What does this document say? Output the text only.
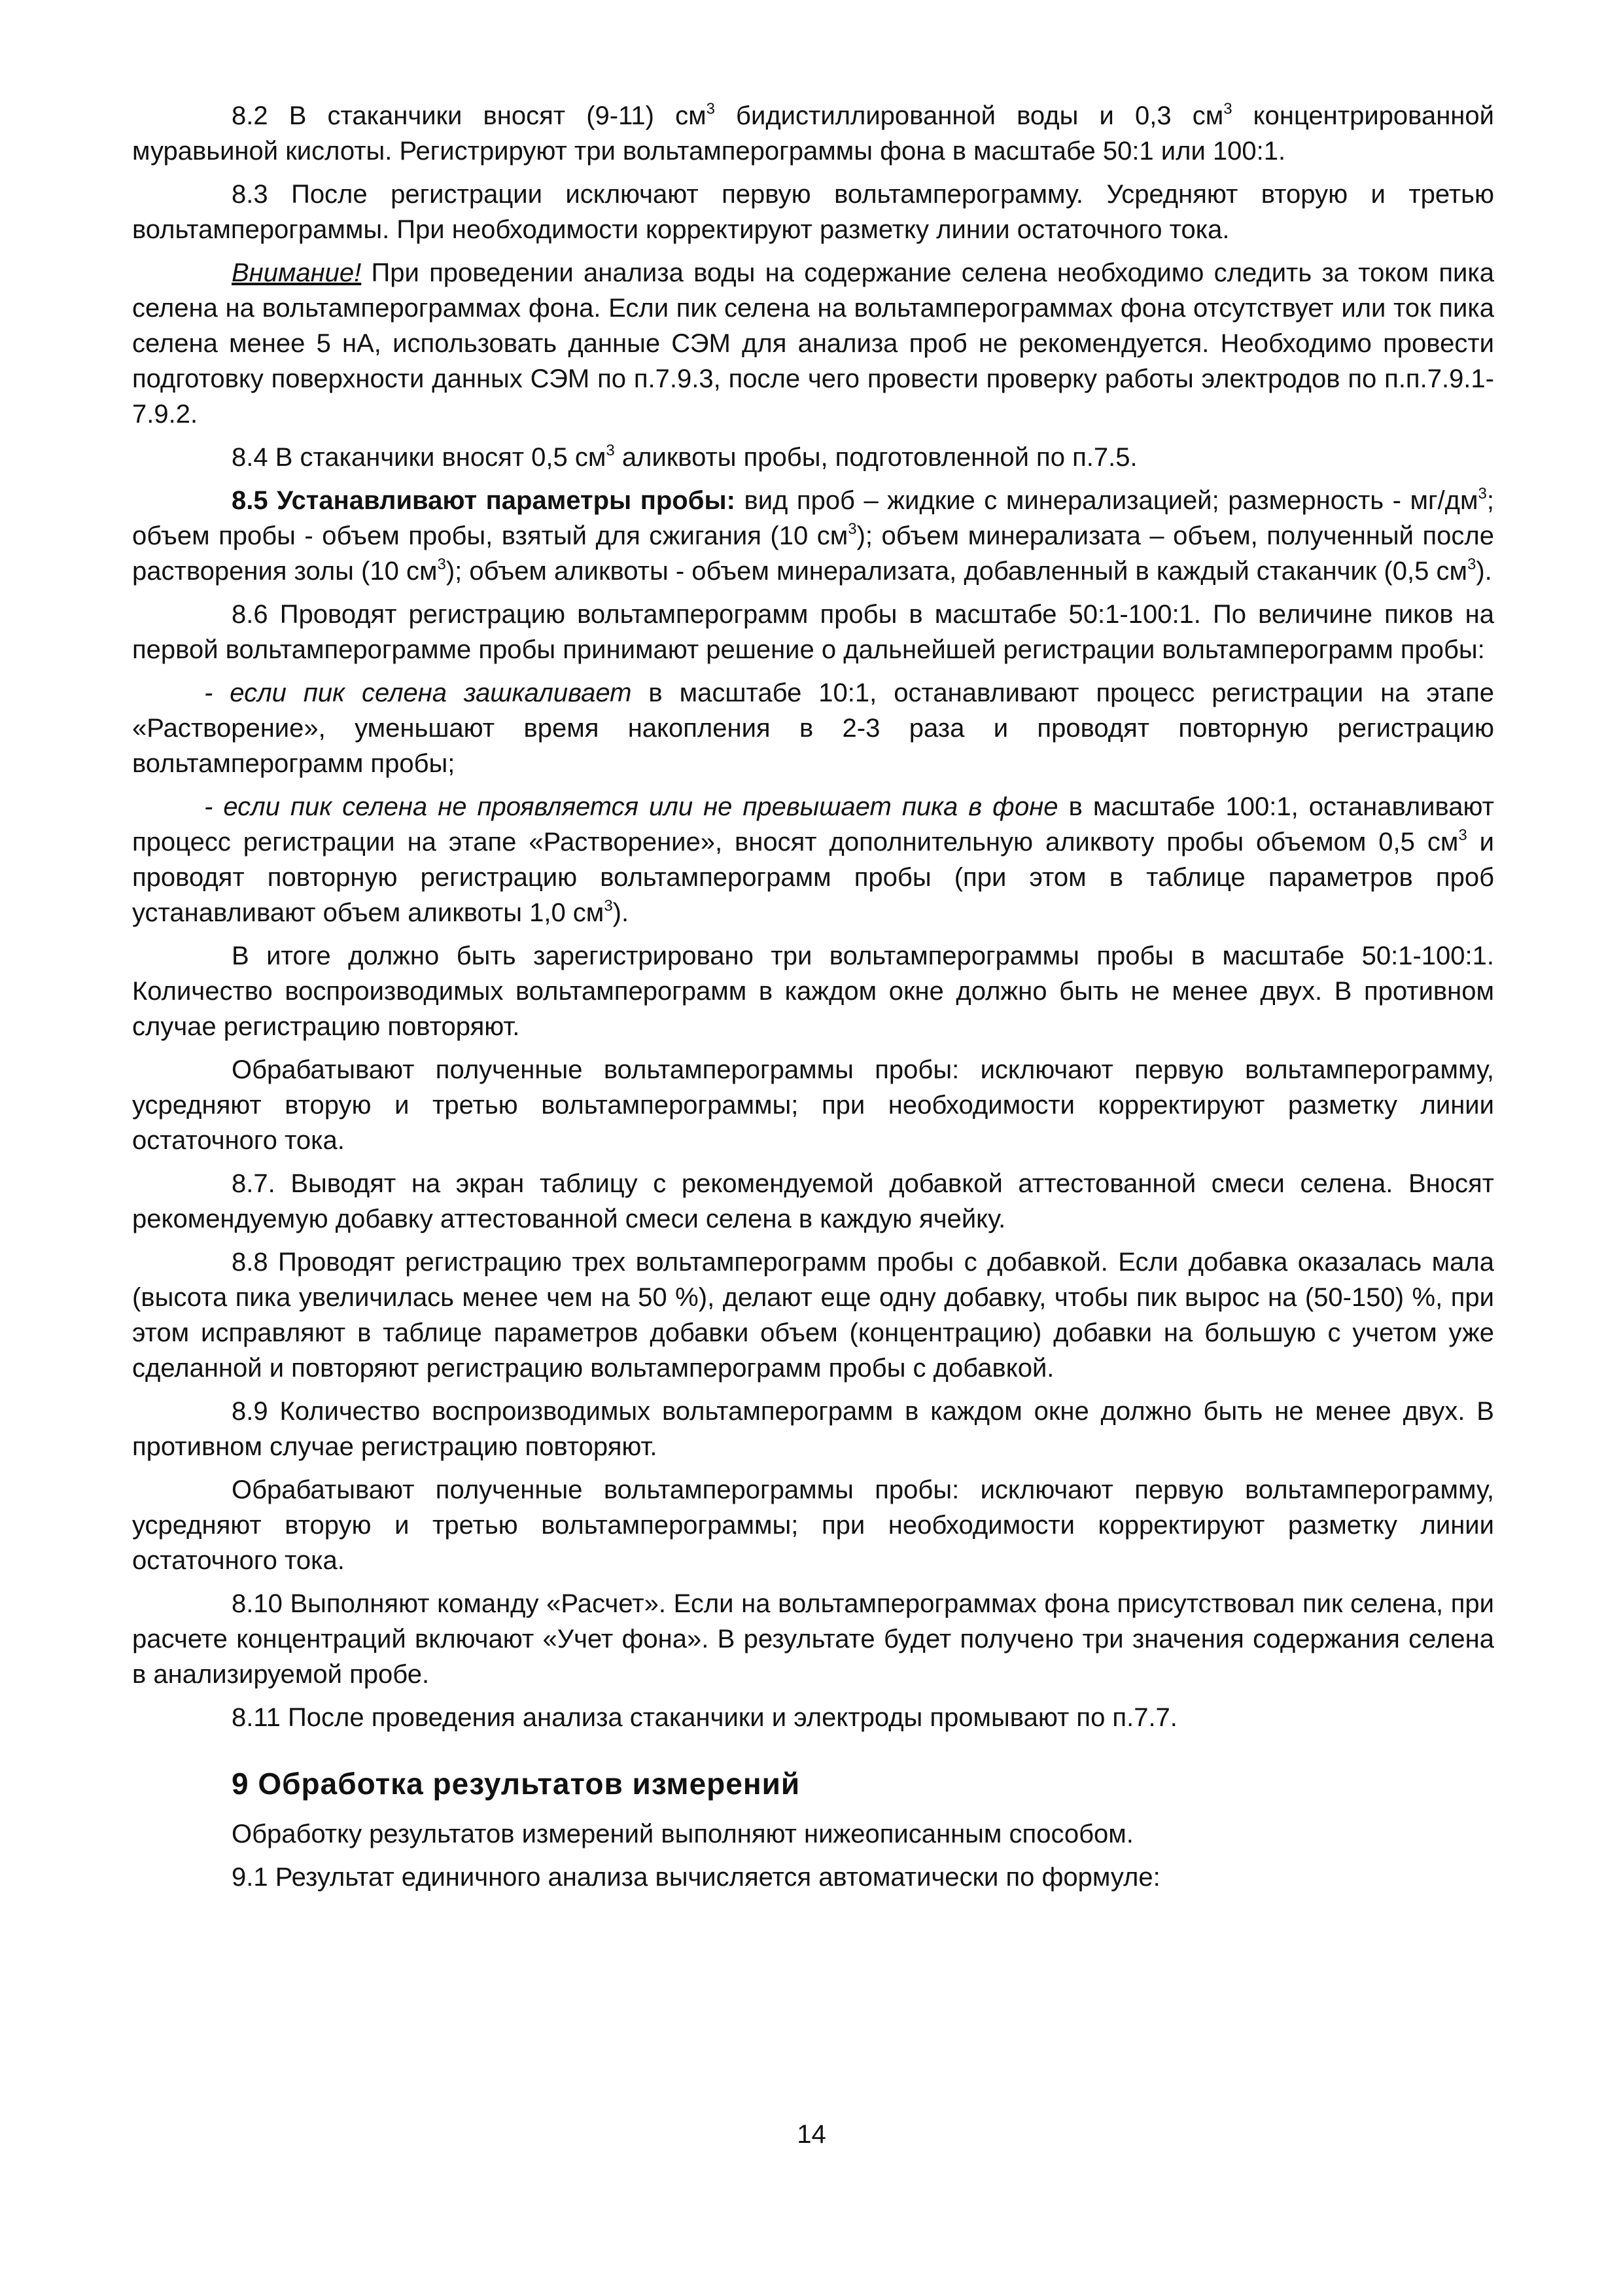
8.2 В стаканчики вносят (9-11) $см^3$ бидистиллированной воды и 0,3 $см^3$ концентрированной муравьиной кислоты. Регистрируют три вольтамперограммы фона в масштабе 50:1 или 100:1.

8.3 После регистрации исключают первую вольтамперограмму. Усредняют вторую и третью вольтамперограммы. При необходимости корректируют разметку линии остаточного тока.

Внимание! При проведении анализа воды на содержание селена необходимо следить за током пика селена на вольтамперограммах фона. Если пик селена на вольтамперограммах фона отсутствует или ток пика селена менее 5 нА, использовать данные СЭМ для анализа проб не рекомендуется. Необходимо провести подготовку поверхности данных СЭМ по п.7.9.3, после чего провести проверку работы электродов по п.п.7.9.1-7.9.2.

8.4 В стаканчики вносят 0,5 $см^3$ аликвоты пробы, подготовленной по п.7.5.

8.5 Устанавливают параметры пробы: вид проб – жидкие с минерализацией; размерность - $мг/дм^3$; объем пробы - объем пробы, взятый для сжигания (10 $см^3$); объем минерализата – объем, полученный после растворения золы (10 $см^3$); объем аликвоты - объем минерализата, добавленный в каждый стаканчик (0,5 $см^3$).

8.6 Проводят регистрацию вольтамперограмм пробы в масштабе 50:1-100:1. По величине пиков на первой вольтамперограмме пробы принимают решение о дальнейшей регистрации вольтамперограмм пробы:

- если пик селена зашкаливает в масштабе 10:1, останавливают процесс регистрации на этапе «Растворение», уменьшают время накопления в 2-3 раза и проводят повторную регистрацию вольтамперограмм пробы;

- если пик селена не проявляется или не превышает пика в фоне в масштабе 100:1, останавливают процесс регистрации на этапе «Растворение», вносят дополнительную аликвоту пробы объемом 0,5 $см^3$ и проводят повторную регистрацию вольтамперограмм пробы (при этом в таблице параметров проб устанавливают объем аликвоты 1,0 $см^3$).

В итоге должно быть зарегистрировано три вольтамперограммы пробы в масштабе 50:1-100:1. Количество воспроизводимых вольтамперограмм в каждом окне должно быть не менее двух. В противном случае регистрацию повторяют.

Обрабатывают полученные вольтамперограммы пробы: исключают первую вольтамперограмму, усредняют вторую и третью вольтамперограммы; при необходимости корректируют разметку линии остаточного тока.

8.7. Выводят на экран таблицу с рекомендуемой добавкой аттестованной смеси селена. Вносят рекомендуемую добавку аттестованной смеси селена в каждую ячейку.

8.8 Проводят регистрацию трех вольтамперограмм пробы с добавкой. Если добавка оказалась мала (высота пика увеличилась менее чем на 50 %), делают еще одну добавку, чтобы пик вырос на (50-150) %, при этом исправляют в таблице параметров добавки объем (концентрацию) добавки на большую с учетом уже сделанной и повторяют регистрацию вольтамперограмм пробы с добавкой.

8.9 Количество воспроизводимых вольтамперограмм в каждом окне должно быть не менее двух. В противном случае регистрацию повторяют.

Обрабатывают полученные вольтамперограммы пробы: исключают первую вольтамперограмму, усредняют вторую и третью вольтамперограммы; при необходимости корректируют разметку линии остаточного тока.

8.10 Выполняют команду «Расчет». Если на вольтамперограммах фона присутствовал пик селена, при расчете концентраций включают «Учет фона». В результате будет получено три значения содержания селена в анализируемой пробе.

8.11 После проведения анализа стаканчики и электроды промывают по п.7.7.

9 Обработка результатов измерений

Обработку результатов измерений выполняют нижеописанным способом.

9.1 Результат единичного анализа вычисляется автоматически по формуле:

14
